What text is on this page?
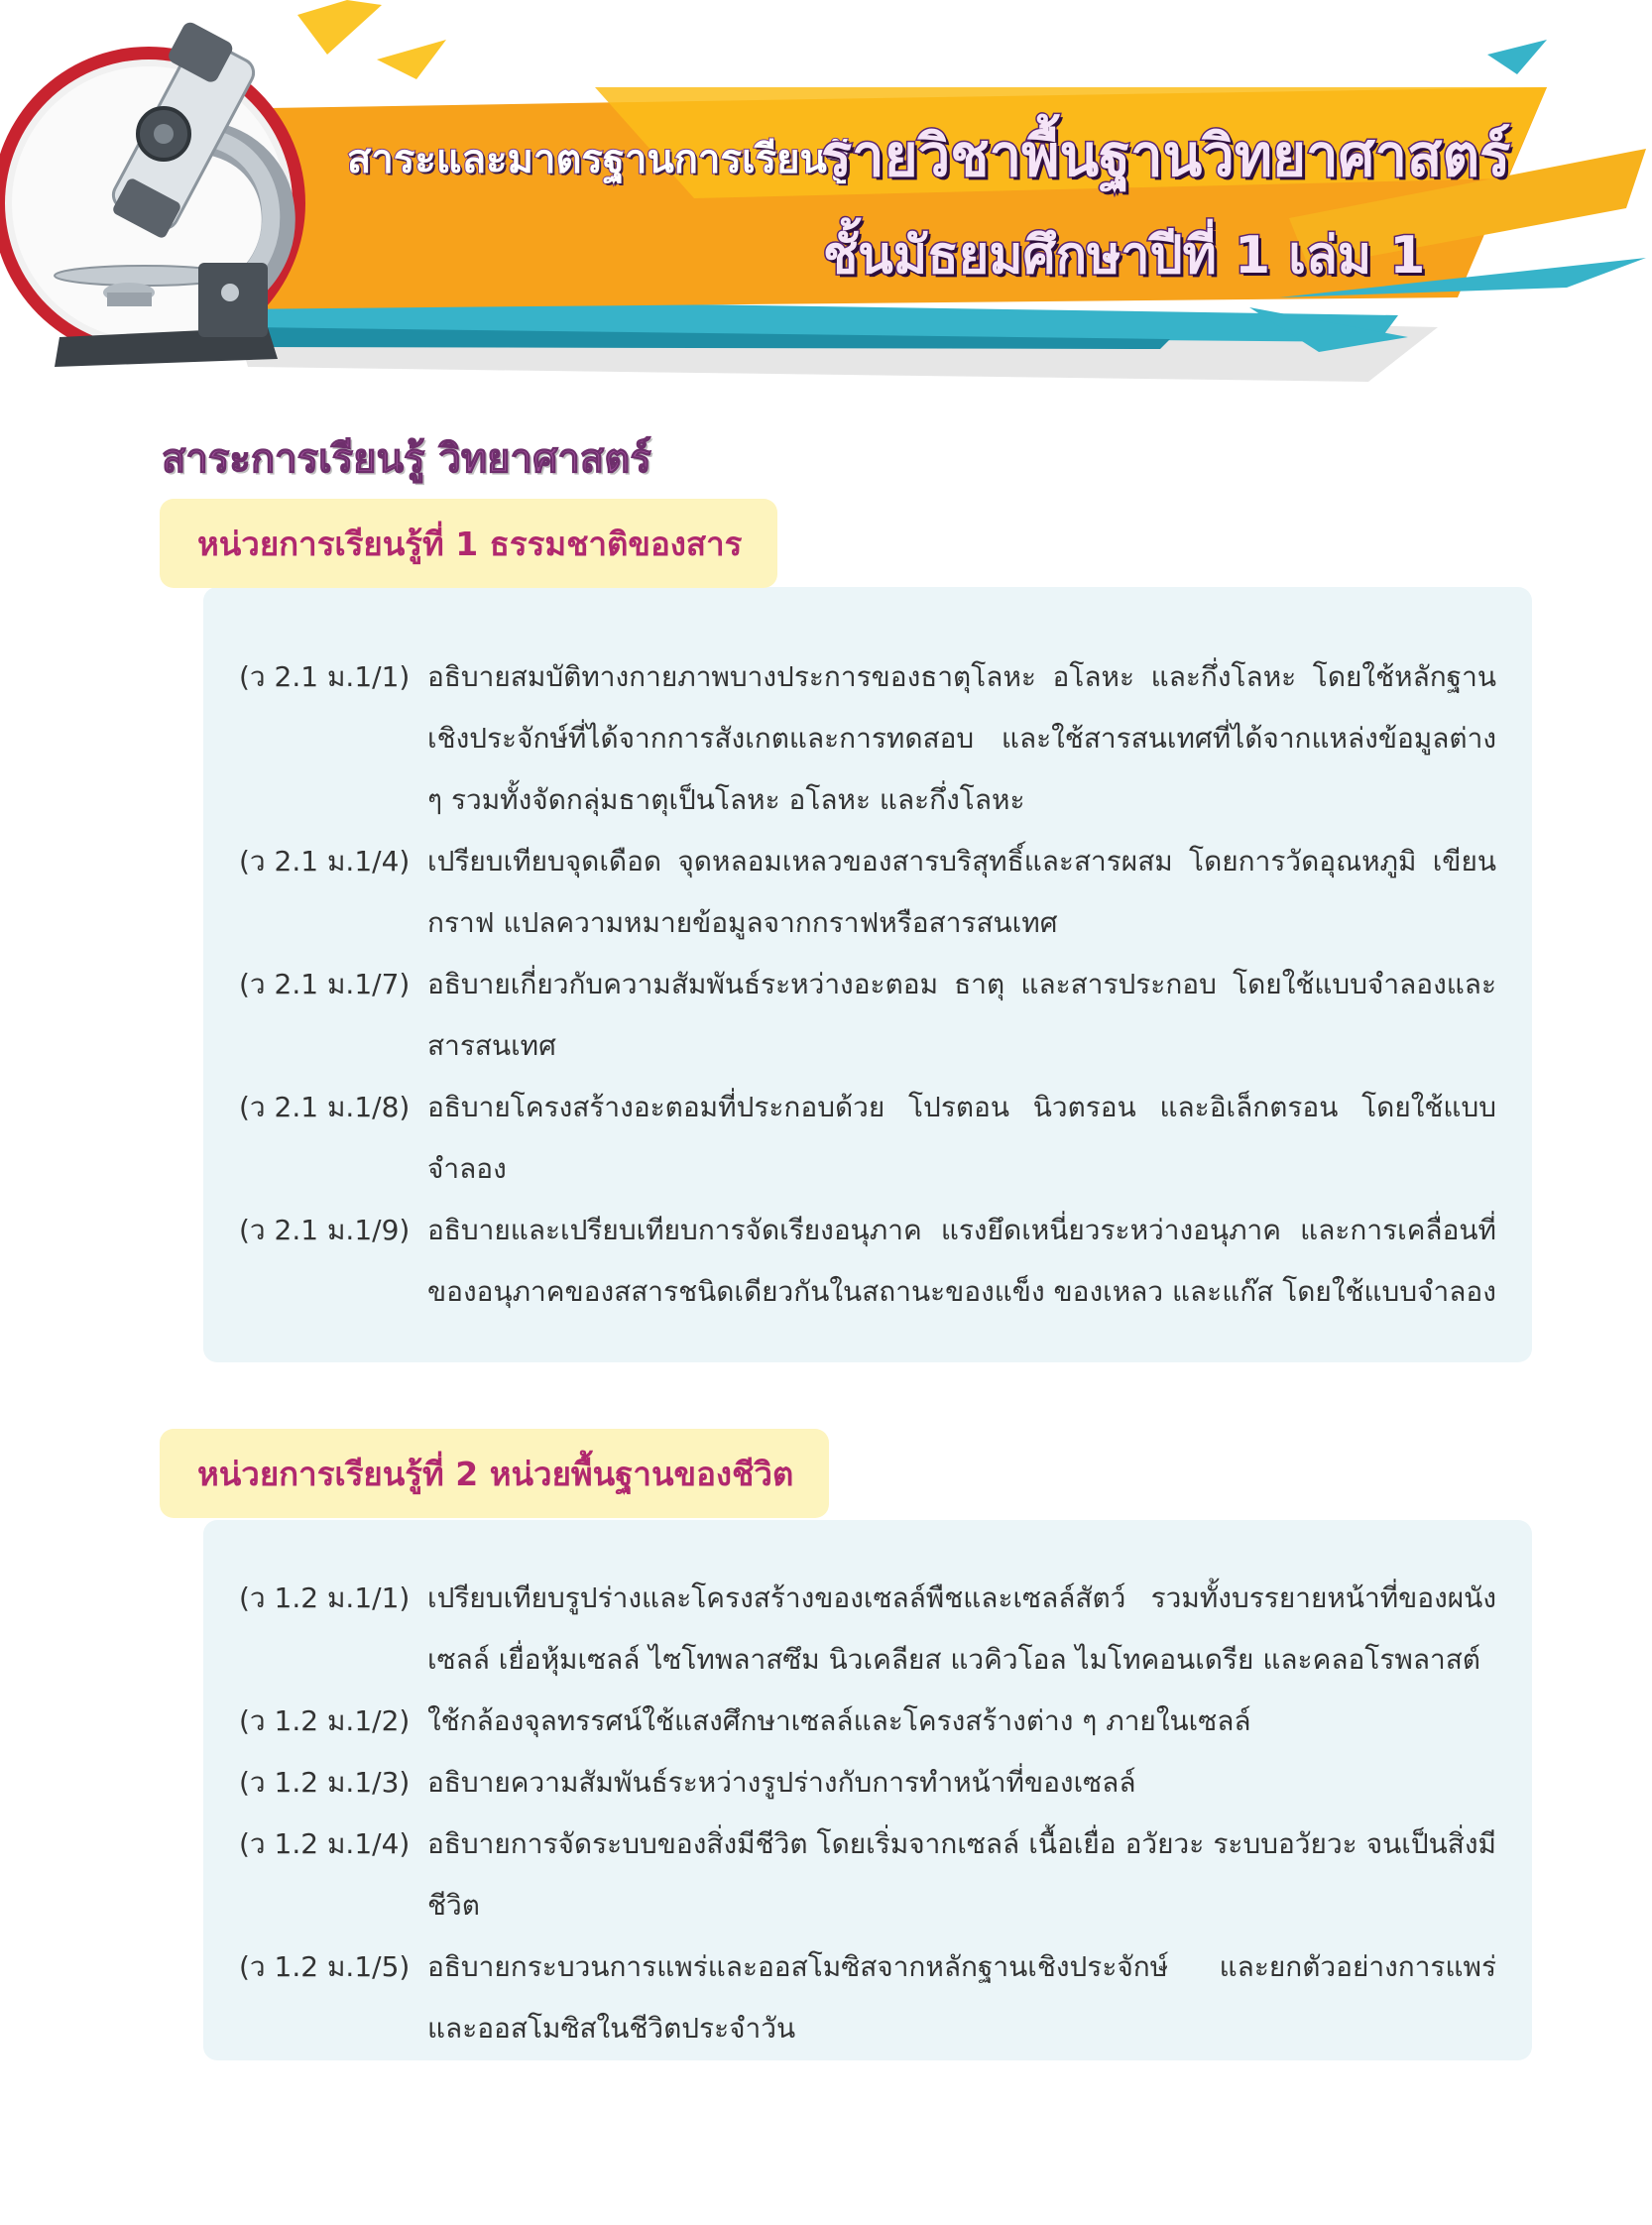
สาระและมาตรฐานการเรียนรู้
รายวิชาพื้นฐานวิทยาศาสตร์
ชั้นมัธยมศึกษาปีที่ 1 เล่ม 1
สาระการเรียนรู้ วิทยาศาสตร์
(ว 2.1 ม.1/1) อธิบายสมบัติทางกายภาพบางประการของธาตุโลหะ อโลหะ และกึ่งโลหะ โดยใช้หลักฐานเชิงประจักษ์ที่ได้จากการสังเกตและการทดสอบ และใช้สารสนเทศที่ได้จากแหล่งข้อมูลต่าง ๆ รวมทั้งจัดกลุ่มธาตุเป็นโลหะ อโลหะ และกึ่งโลหะ
(ว 2.1 ม.1/4) เปรียบเทียบจุดเดือด จุดหลอมเหลวของสารบริสุทธิ์และสารผสม โดยการวัดอุณหภูมิ เขียนกราฟ แปลความหมายข้อมูลจากกราฟหรือสารสนเทศ
(ว 2.1 ม.1/7) อธิบายเกี่ยวกับความสัมพันธ์ระหว่างอะตอม ธาตุ และสารประกอบ โดยใช้แบบจำลองและสารสนเทศ
(ว 2.1 ม.1/8) อธิบายโครงสร้างอะตอมที่ประกอบด้วย โปรตอน นิวตรอน และอิเล็กตรอน โดยใช้แบบจำลอง
(ว 2.1 ม.1/9) อธิบายและเปรียบเทียบการจัดเรียงอนุภาค แรงยึดเหนี่ยวระหว่างอนุภาค และการเคลื่อนที่ของอนุภาคของสสารชนิดเดียวกันในสถานะของแข็ง ของเหลว และแก๊ส โดยใช้แบบจำลอง
หน่วยการเรียนรู้ที่ 1 ธรรมชาติของสาร
(ว 1.2 ม.1/1) เปรียบเทียบรูปร่างและโครงสร้างของเซลล์พืชและเซลล์สัตว์ รวมทั้งบรรยายหน้าที่ของผนังเซลล์ เยื่อหุ้มเซลล์ ไซโทพลาสซึม นิวเคลียส แวคิวโอล ไมโทคอนเดรีย และคลอโรพลาสต์
(ว 1.2 ม.1/2) ใช้กล้องจุลทรรศน์ใช้แสงศึกษาเซลล์และโครงสร้างต่าง ๆ ภายในเซลล์
(ว 1.2 ม.1/3) อธิบายความสัมพันธ์ระหว่างรูปร่างกับการทำหน้าที่ของเซลล์
(ว 1.2 ม.1/4) อธิบายการจัดระบบของสิ่งมีชีวิต โดยเริ่มจากเซลล์ เนื้อเยื่อ อวัยวะ ระบบอวัยวะ จนเป็นสิ่งมีชีวิต
(ว 1.2 ม.1/5) อธิบายกระบวนการแพร่และออสโมซิสจากหลักฐานเชิงประจักษ์ และยกตัวอย่างการแพร่และออสโมซิสในชีวิตประจำวัน
หน่วยการเรียนรู้ที่ 2 หน่วยพื้นฐานของชีวิต
